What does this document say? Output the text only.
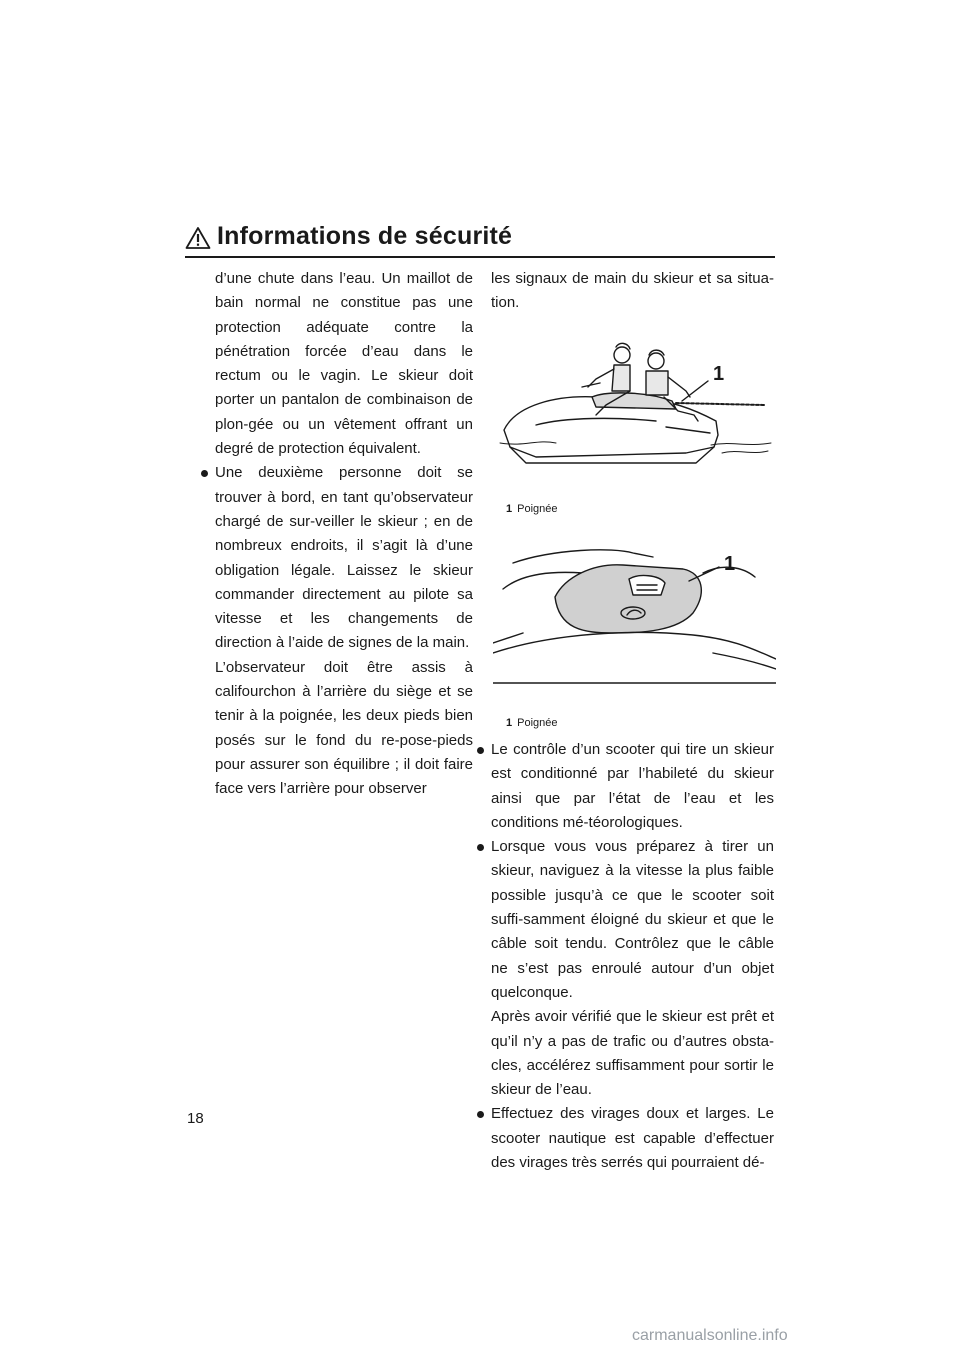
Informations de sécurité

d’une chute dans l’eau. Un maillot de bain normal ne constitue pas une protection adéquate contre la pénétration forcée d’eau dans le rectum ou le vagin. Le skieur doit porter un pantalon de combinaison de plon-gée ou un vêtement offrant un degré de protection équivalent.

Une deuxième personne doit se trouver à bord, en tant qu’observateur chargé de sur-veiller le skieur ; en de nombreux endroits, il s’agit là d’une obligation légale. Laissez le skieur commander directement au pilote sa vitesse et les changements de direction à l’aide de signes de la main.

L’observateur doit être assis à califourchon à l’arrière du siège et se tenir à la poignée, les deux pieds bien posés sur le fond du re-pose-pieds pour assurer son équilibre ; il doit faire face vers l’arrière pour observer

les signaux de main du skieur et sa situa-tion.

1
1 Poignée
1
1 Poignée
Le contrôle d’un scooter qui tire un skieur est conditionné par l’habileté du skieur ainsi que par l’état de l’eau et les conditions mé-téorologiques.
Lorsque vous vous préparez à tirer un skieur, naviguez à la vitesse la plus faible possible jusqu’à ce que le scooter soit suffi-samment éloigné du skieur et que le câble soit tendu. Contrôlez que le câble ne s’est pas enroulé autour d’un objet quelconque.

Après avoir vérifié que le skieur est prêt et qu’il n’y a pas de trafic ou d’autres obsta-cles, accélérez suffisamment pour sortir le skieur de l’eau.

Effectuez des virages doux et larges. Le scooter nautique est capable d’effectuer des virages très serrés qui pourraient dé-
18
carmanualsonline.info
